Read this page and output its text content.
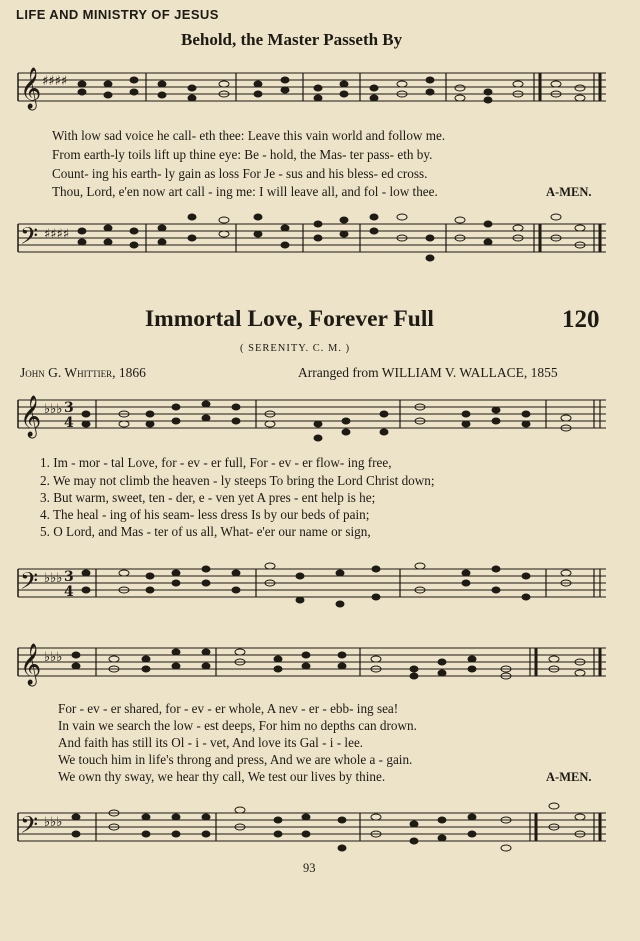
LIFE AND MINISTRY OF JESUS
Behold, the Master Passeth By
𝄞 ♯♯♯♯
𝄢 ♯♯♯♯
𝄞 ♭♭♭ 3
4
𝄢 ♭♭♭ 3
4
𝄞 ♭♭♭
𝄢 ♭♭♭
With low sad voice he call- eth thee: Leave this vain world and follow me.
From earth-ly toils lift up thine eye: Be - hold, the Mas- ter pass- eth by.
Count- ing his earth- ly gain as loss For Je - sus and his bless- ed cross.
Thou, Lord, e'en now art call - ing me: I will leave all, and fol - low thee.	A-MEN.
Immortal Love, Forever Full	120
( SERENITY. C. M. )
John G. Whittier, 1866	Arranged from WILLIAM V. WALLACE, 1855
1. Im - mor - tal Love, for - ev - er full, For - ev - er flow- ing free,
2. We may not climb the heaven - ly steeps To bring the Lord Christ down;
3. But warm, sweet, ten - der, e - ven yet A pres - ent help is he;
4. The heal - ing of his seam- less dress Is by our beds of pain;
5. O Lord, and Mas - ter of us all, What- e'er our name or sign,
For - ev - er shared, for - ev - er whole, A nev - er - ebb- ing sea!
In vain we search the low - est deeps, For him no depths can drown.
And faith has still its Ol - i - vet, And love its Gal - i - lee.
We touch him in life's throng and press, And we are whole a - gain.
We own thy sway, we hear thy call, We test our lives by thine.	A-MEN.
93
